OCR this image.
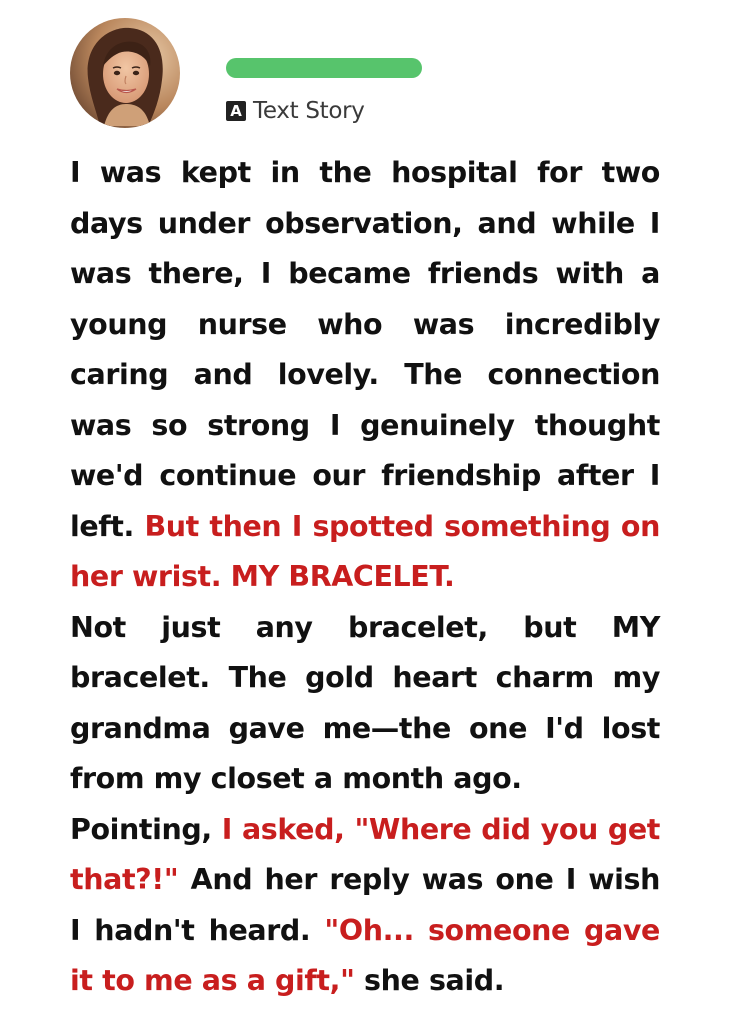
A Text Story

I was kept in the hospital for two days under observation, and while I was there, I became friends with a young nurse who was incredibly caring and lovely. The connection was so strong I genuinely thought we'd continue our friendship after I left. But then I spotted something on her wrist. MY BRACELET.

Not just any bracelet, but MY bracelet. The gold heart charm my grandma gave me—the one I'd lost from my closet a month ago.

Pointing, I asked, "Where did you get that?!" And her reply was one I wish I hadn't heard. "Oh... someone gave it to me as a gift," she said.
